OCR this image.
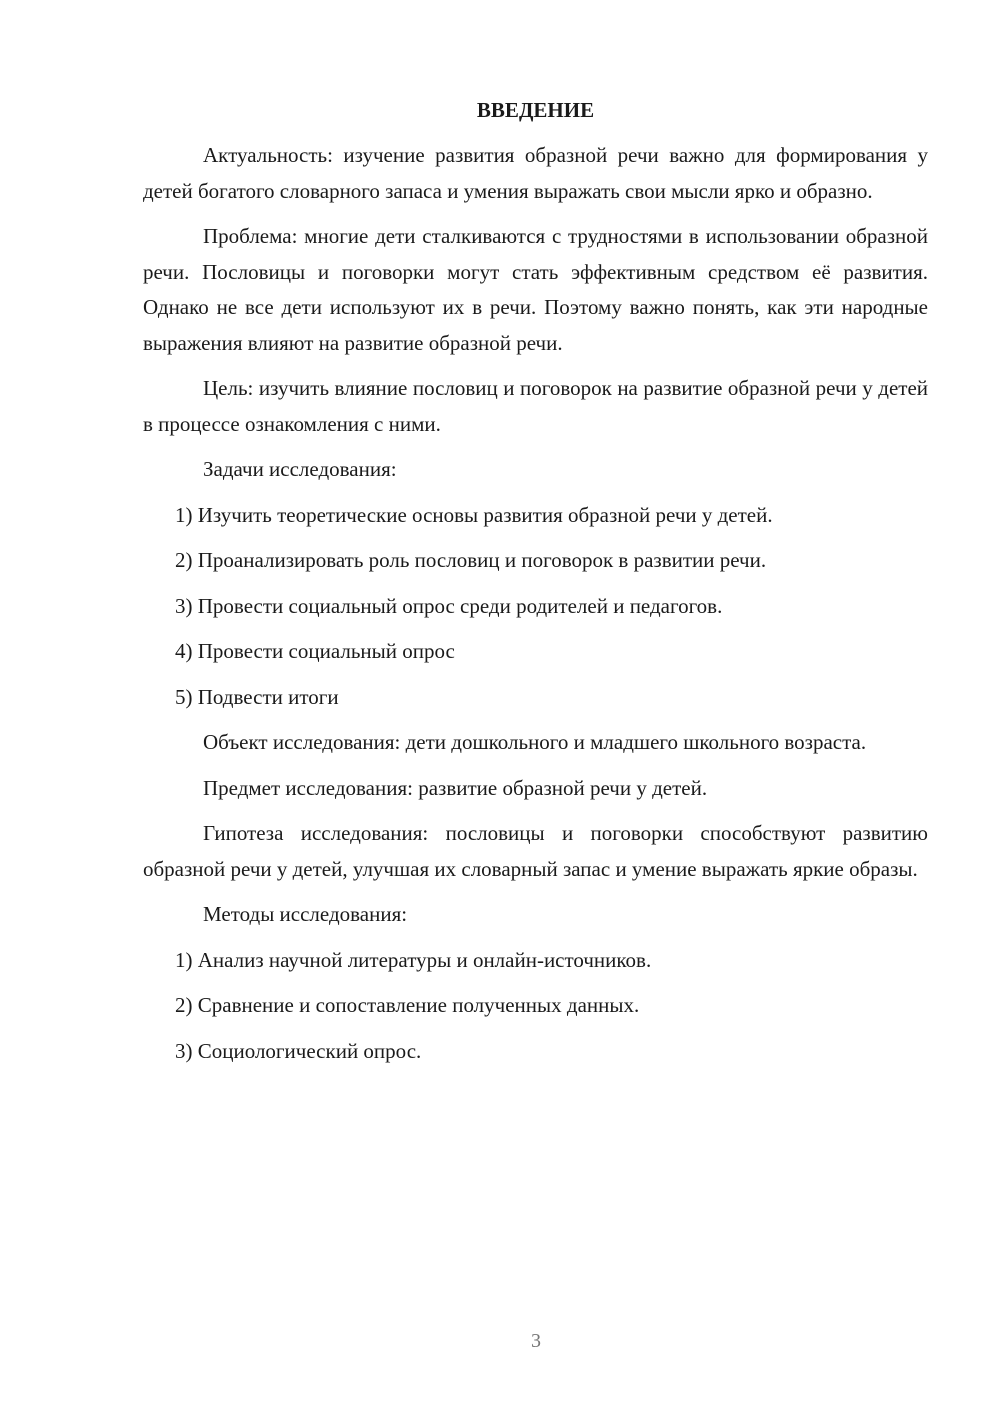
ВВЕДЕНИЕ
Актуальность: изучение развития образной речи важно для формирования у детей богатого словарного запаса и умения выражать свои мысли ярко и образно.
Проблема: многие дети сталкиваются с трудностями в использовании образной речи. Пословицы и поговорки могут стать эффективным средством её развития. Однако не все дети используют их в речи. Поэтому важно понять, как эти народные выражения влияют на развитие образной речи.
Цель: изучить влияние пословиц и поговорок на развитие образной речи у детей в процессе ознакомления с ними.
Задачи исследования:
1) Изучить теоретические основы развития образной речи у детей.
2) Проанализировать роль пословиц и поговорок в развитии речи.
3) Провести социальный опрос среди родителей и педагогов.
4) Провести социальный опрос
5) Подвести итоги
Объект исследования: дети дошкольного и младшего школьного возраста.
Предмет исследования: развитие образной речи у детей.
Гипотеза исследования: пословицы и поговорки способствуют развитию образной речи у детей, улучшая их словарный запас и умение выражать яркие образы.
Методы исследования:
1) Анализ научной литературы и онлайн-источников.
2) Сравнение и сопоставление полученных данных.
3) Социологический опрос.
3
